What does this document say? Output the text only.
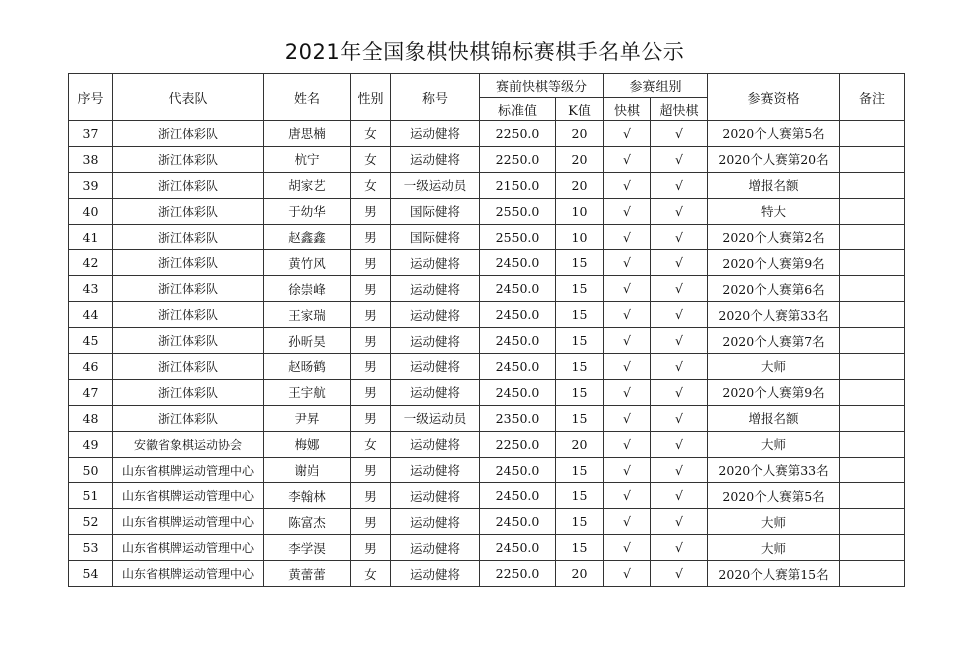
2021年全国象棋快棋锦标赛棋手名单公示
序号	代表队	姓名	性别	称号	赛前快棋等级分		参赛组别		参赛资格	备注
					标准值	K值	快棋	超快棋		
37	浙江体彩队	唐思楠	女	运动健将	2250.0	20	√	√	2020个人赛第5名	
38	浙江体彩队	杭宁	女	运动健将	2250.0	20	√	√	2020个人赛第20名	
39	浙江体彩队	胡家艺	女	一级运动员	2150.0	20	√	√	增报名额	
40	浙江体彩队	于幼华	男	国际健将	2550.0	10	√	√	特大	
41	浙江体彩队	赵鑫鑫	男	国际健将	2550.0	10	√	√	2020个人赛第2名	
42	浙江体彩队	黄竹风	男	运动健将	2450.0	15	√	√	2020个人赛第9名	
43	浙江体彩队	徐崇峰	男	运动健将	2450.0	15	√	√	2020个人赛第6名	
44	浙江体彩队	王家瑞	男	运动健将	2450.0	15	√	√	2020个人赛第33名	
45	浙江体彩队	孙昕昊	男	运动健将	2450.0	15	√	√	2020个人赛第7名	
46	浙江体彩队	赵旸鹤	男	运动健将	2450.0	15	√	√	大师	
47	浙江体彩队	王宇航	男	运动健将	2450.0	15	√	√	2020个人赛第9名	
48	浙江体彩队	尹昇	男	一级运动员	2350.0	15	√	√	增报名额	
49	安徽省象棋运动协会	梅娜	女	运动健将	2250.0	20	√	√	大师	
50	山东省棋牌运动管理中心	谢岿	男	运动健将	2450.0	15	√	√	2020个人赛第33名	
51	山东省棋牌运动管理中心	李翰林	男	运动健将	2450.0	15	√	√	2020个人赛第5名	
52	山东省棋牌运动管理中心	陈富杰	男	运动健将	2450.0	15	√	√	大师	
53	山东省棋牌运动管理中心	李学淏	男	运动健将	2450.0	15	√	√	大师	
54	山东省棋牌运动管理中心	黄蕾蕾	女	运动健将	2250.0	20	√	√	2020个人赛第15名	
